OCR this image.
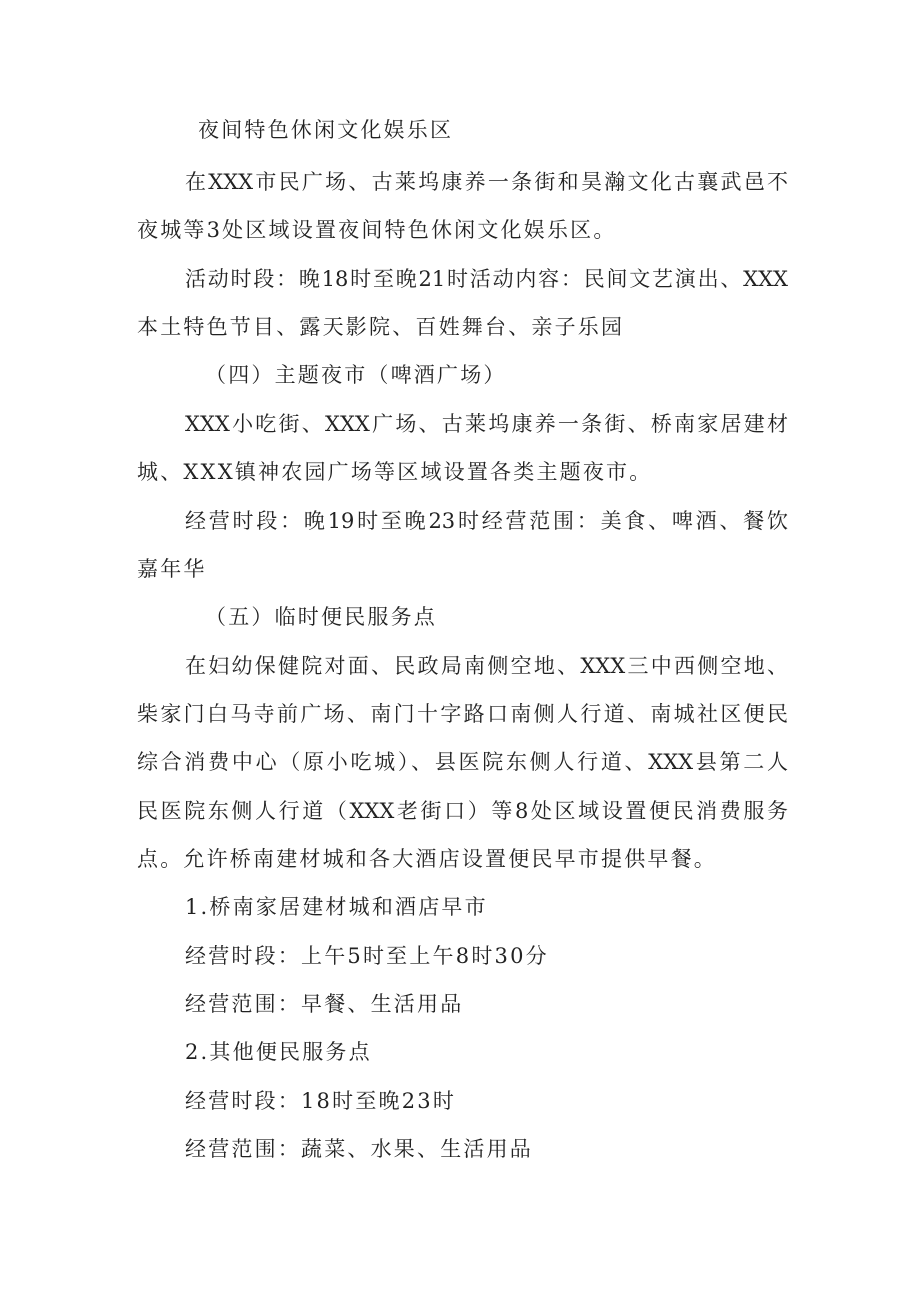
夜间特色休闲文化娱乐区

在XXX市民广场、古莱坞康养一条街和昊瀚文化古襄武邑不

夜城等3处区域设置夜间特色休闲文化娱乐区。

活动时段：晚18时至晚21时活动内容：民间文艺演出、XXX

本土特色节目、露天影院、百姓舞台、亲子乐园

（四）主题夜市（啤酒广场）

XXX小吃街、XXX广场、古莱坞康养一条街、桥南家居建材

城、XXX镇神农园广场等区域设置各类主题夜市。

经营时段：晚19时至晚23时经营范围：美食、啤酒、餐饮

嘉年华

（五）临时便民服务点

在妇幼保健院对面、民政局南侧空地、XXX三中西侧空地、

柴家门白马寺前广场、南门十字路口南侧人行道、南城社区便民

综合消费中心（原小吃城）、县医院东侧人行道、XXX县第二人

民医院东侧人行道（XXX老街口）等8处区域设置便民消费服务

点。允许桥南建材城和各大酒店设置便民早市提供早餐。

1.桥南家居建材城和酒店早市

经营时段：上午5时至上午8时30分

经营范围：早餐、生活用品

2.其他便民服务点

经营时段：18时至晚23时

经营范围：蔬菜、水果、生活用品
